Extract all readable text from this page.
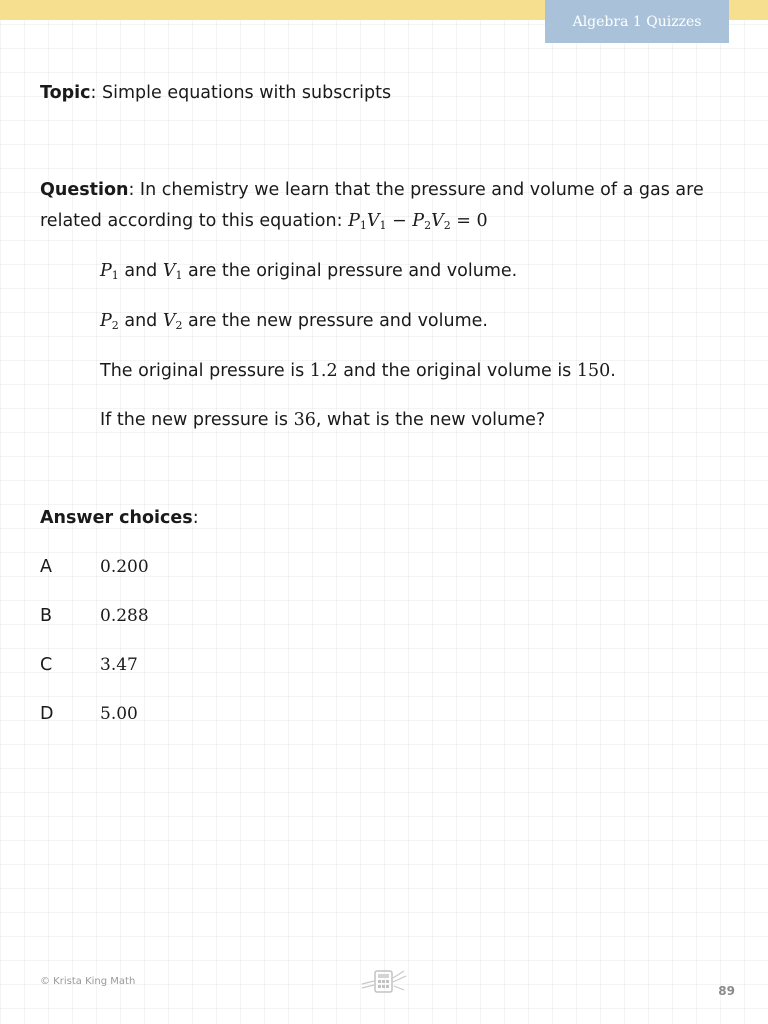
Algebra 1 Quizzes
Topic: Simple equations with subscripts
Question: In chemistry we learn that the pressure and volume of a gas are related according to this equation: $P_1V_1 - P_2V_2 = 0$
$P_1$ and $V_1$ are the original pressure and volume.
$P_2$ and $V_2$ are the new pressure and volume.
The original pressure is 1.2 and the original volume is 150.
If the new pressure is 36, what is the new volume?
Answer choices:
A	0.200
B	0.288
C	3.47
D	5.00
© Krista King Math
89
